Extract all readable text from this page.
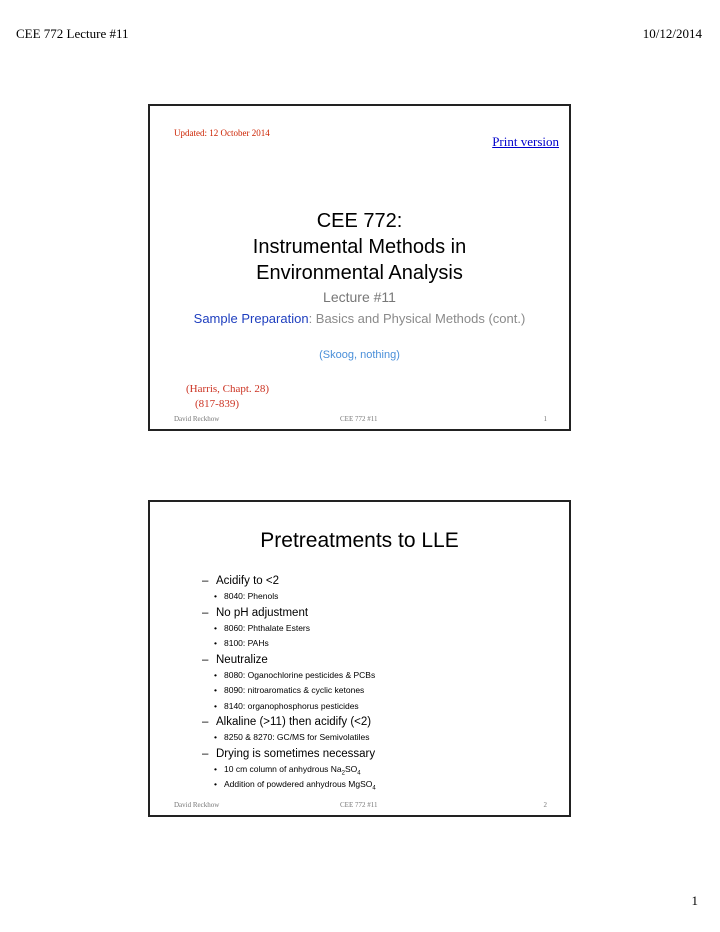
CEE 772 Lecture #11	10/12/2014
Updated: 12 October 2014
Print version
CEE 772:
Instrumental Methods in
Environmental Analysis
Lecture #11
Sample Preparation: Basics and Physical Methods (cont.)
(Skoog, nothing)
(Harris, Chapt. 28)
(817-839)
David Reckhow	CEE 772 #11	1
Pretreatments to LLE
– Acidify to <2
• 8040: Phenols
– No pH adjustment
• 8060: Phthalate Esters
• 8100: PAHs
– Neutralize
• 8080: Oganochlorine pesticides & PCBs
• 8090: nitroaromatics & cyclic ketones
• 8140: organophosphorus pesticides
– Alkaline (>11) then acidify (<2)
• 8250 & 8270: GC/MS for Semivolatiles
– Drying is sometimes necessary
• 10 cm column of anhydrous $Na_2SO_4$
• Addition of powdered anhydrous MgSO$_4$
David Reckhow	CEE 772 #11	2
1
